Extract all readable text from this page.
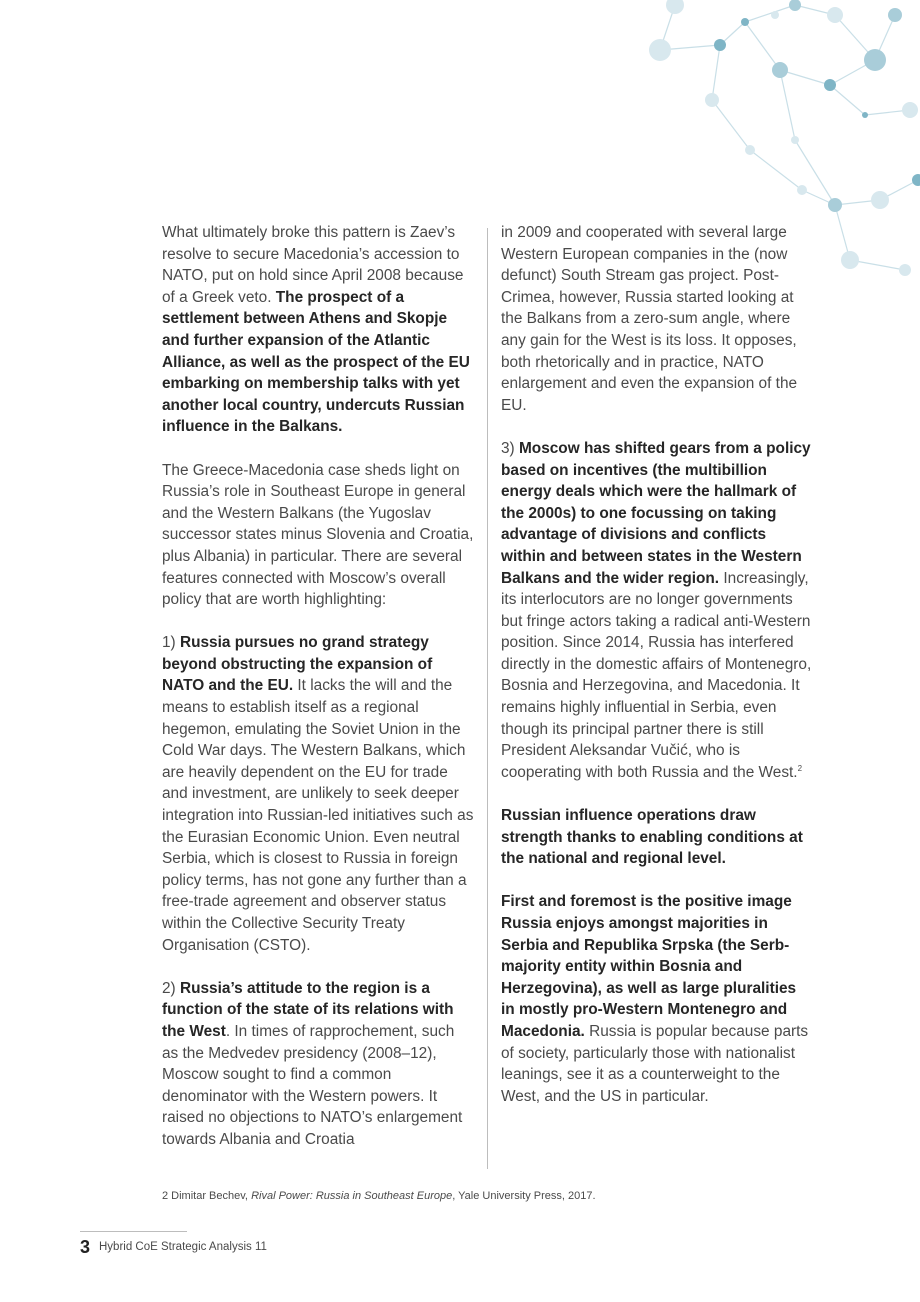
What ultimately broke this pattern is Zaev’s resolve to secure Macedonia’s accession to NATO, put on hold since April 2008 because of a Greek veto. The prospect of a settlement between Athens and Skopje and further expansion of the Atlantic Alliance, as well as the prospect of the EU embarking on membership talks with yet another local country, undercuts Russian influence in the Balkans.

The Greece-Macedonia case sheds light on Russia’s role in Southeast Europe in general and the Western Balkans (the Yugoslav successor states minus Slovenia and Croatia, plus Albania) in particular. There are several features connected with Moscow’s overall policy that are worth highlighting:

1) Russia pursues no grand strategy beyond obstructing the expansion of NATO and the EU. It lacks the will and the means to establish itself as a regional hegemon, emulating the Soviet Union in the Cold War days. The Western Balkans, which are heavily dependent on the EU for trade and investment, are unlikely to seek deeper integration into Russian-led initiatives such as the Eurasian Economic Union. Even neutral Serbia, which is closest to Russia in foreign policy terms, has not gone any further than a free-trade agreement and observer status within the Collective Security Treaty Organisation (CSTO).

2) Russia’s attitude to the region is a function of the state of its relations with the West. In times of rapprochement, such as the Medvedev presidency (2008–12), Moscow sought to find a common denominator with the Western powers. It raised no objections to NATO’s enlargement towards Albania and Croatia

in 2009 and cooperated with several large Western European companies in the (now defunct) South Stream gas project. Post-Crimea, however, Russia started looking at the Balkans from a zero-sum angle, where any gain for the West is its loss. It opposes, both rhetorically and in practice, NATO enlargement and even the expansion of the EU.

3) Moscow has shifted gears from a policy based on incentives (the multibillion energy deals which were the hallmark of the 2000s) to one focussing on taking advantage of divisions and conflicts within and between states in the Western Balkans and the wider region. Increasingly, its interlocutors are no longer governments but fringe actors taking a radical anti-Western position. Since 2014, Russia has interfered directly in the domestic affairs of Montenegro, Bosnia and Herzegovina, and Macedonia. It remains highly influential in Serbia, even though its principal partner there is still President Aleksandar Vučić, who is cooperating with both Russia and the West.$^2$

Russian influence operations draw strength thanks to enabling conditions at the national and regional level.

First and foremost is the positive image Russia enjoys amongst majorities in Serbia and Republika Srpska (the Serb-majority entity within Bosnia and Herzegovina), as well as large pluralities in mostly pro-Western Montenegro and Macedonia. Russia is popular because parts of society, particularly those with nationalist leanings, see it as a counterweight to the West, and the US in particular.

2 Dimitar Bechev, Rival Power: Russia in Southeast Europe, Yale University Press, 2017.
3 Hybrid CoE Strategic Analysis 11
